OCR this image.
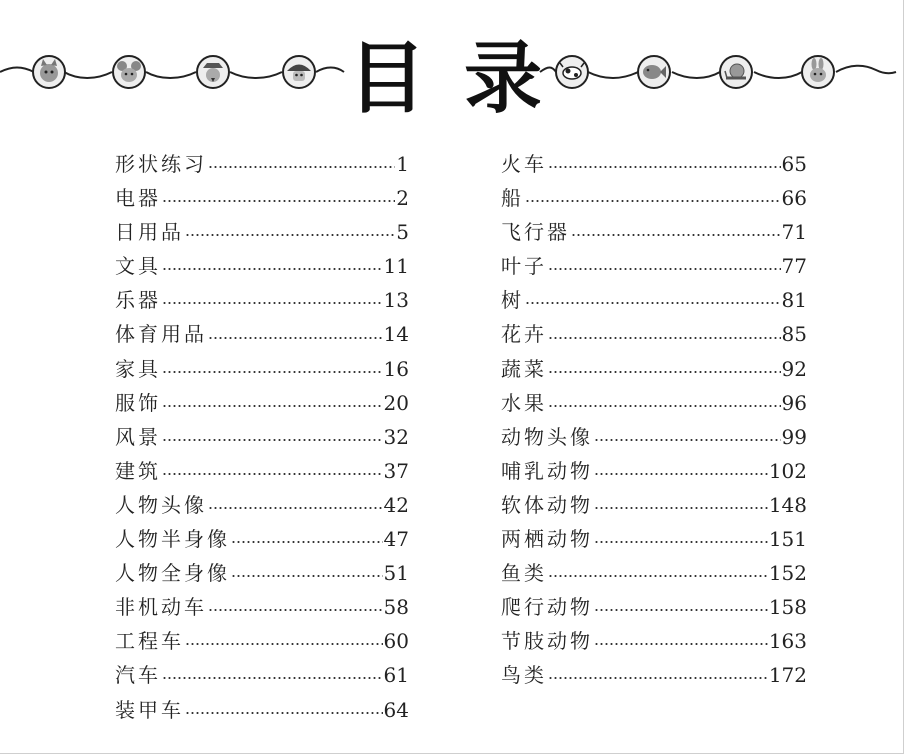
目 录
形状练习	1
电器	2
日用品	5
文具	11
乐器	13
体育用品	14
家具	16
服饰	20
风景	32
建筑	37
人物头像	42
人物半身像	47
人物全身像	51
非机动车	58
工程车	60
汽车	61
装甲车	64
火车	65
船	66
飞行器	71
叶子	77
树	81
花卉	85
蔬菜	92
水果	96
动物头像	99
哺乳动物	102
软体动物	148
两栖动物	151
鱼类	152
爬行动物	158
节肢动物	163
鸟类	172
